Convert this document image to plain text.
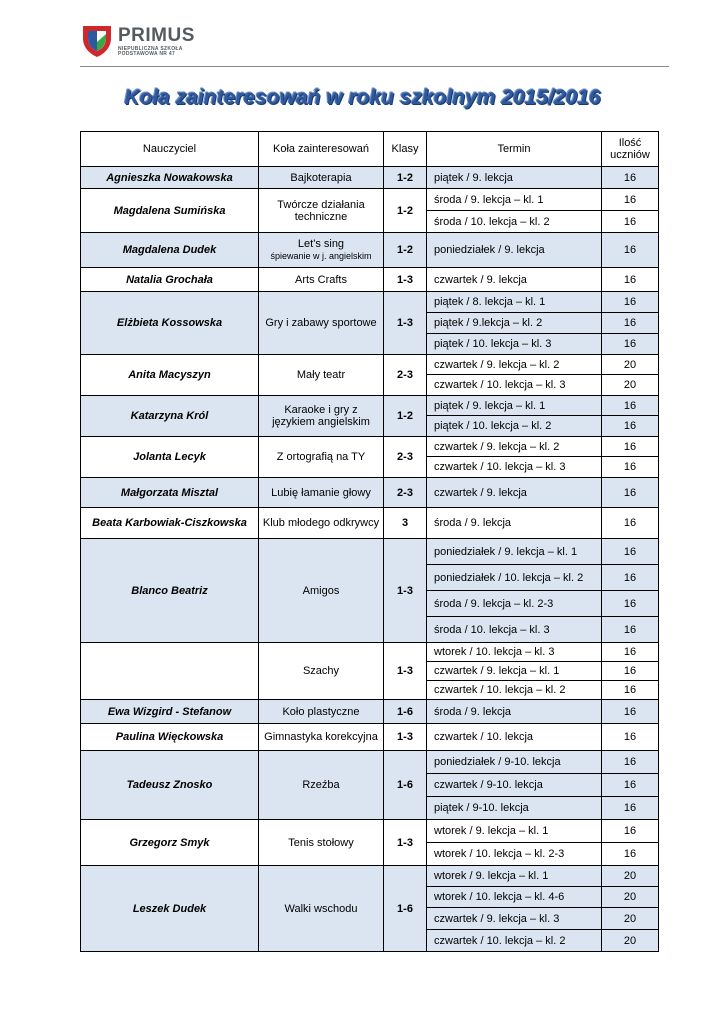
PRIMUS
NIEPUBLICZNA SZKOŁA
PODSTAWOWA NR 47
Koła zainteresowań w roku szkolnym 2015/2016
Nauczyciel	Koła zainteresowań	Klasy	Termin	Ilość
uczniów
Agnieszka Nowakowska	Bajkoterapia	1-2	piątek / 9. lekcja	16
Magdalena Sumińska	Twórcze działania techniczne	1-2	środa / 9. lekcja – kl. 1	16
			środa / 10. lekcja – kl. 2	16
Magdalena Dudek	Let's sing
śpiewanie w j. angielskim	1-2	poniedziałek / 9. lekcja	16
Natalia Grochała	Arts Crafts	1-3	czwartek / 9. lekcja	16
Elżbieta Kossowska	Gry i zabawy sportowe	1-3	piątek / 8. lekcja – kl. 1	16
			piątek / 9.lekcja – kl. 2	16
			piątek / 10. lekcja – kl. 3	16
Anita Macyszyn	Mały teatr	2-3	czwartek / 9. lekcja – kl. 2	20
			czwartek / 10. lekcja – kl. 3	20
Katarzyna Król	Karaoke i gry z językiem angielskim	1-2	piątek / 9. lekcja – kl. 1	16
			piątek / 10. lekcja – kl. 2	16
Jolanta Lecyk	Z ortografią na TY	2-3	czwartek / 9. lekcja – kl. 2	16
			czwartek / 10. lekcja – kl. 3	16
Małgorzata Misztal	Lubię łamanie głowy	2-3	czwartek / 9. lekcja	16
Beata Karbowiak-Ciszkowska	Klub młodego odkrywcy	3	środa / 9. lekcja	16
Blanco Beatriz	Amigos	1-3	poniedziałek / 9. lekcja – kl. 1	16
			poniedziałek / 10. lekcja – kl. 2	16
			środa / 9. lekcja – kl. 2-3	16
			środa / 10. lekcja – kl. 3	16
	Szachy	1-3	wtorek / 10. lekcja – kl. 3	16
			czwartek / 9. lekcja – kl. 1	16
			czwartek / 10. lekcja – kl. 2	16
Ewa Wizgird - Stefanow	Koło plastyczne	1-6	środa / 9. lekcja	16
Paulina Więckowska	Gimnastyka korekcyjna	1-3	czwartek / 10. lekcja	16
Tadeusz Znosko	Rzeźba	1-6	poniedziałek / 9-10. lekcja	16
			czwartek / 9-10. lekcja	16
			piątek / 9-10. lekcja	16
Grzegorz Smyk	Tenis stołowy	1-3	wtorek / 9. lekcja – kl. 1	16
			wtorek / 10. lekcja – kl. 2-3	16
Leszek Dudek	Walki wschodu	1-6	wtorek / 9. lekcja – kl. 1	20
			wtorek / 10. lekcja – kl. 4-6	20
			czwartek / 9. lekcja – kl. 3	20
			czwartek / 10. lekcja – kl. 2	20
